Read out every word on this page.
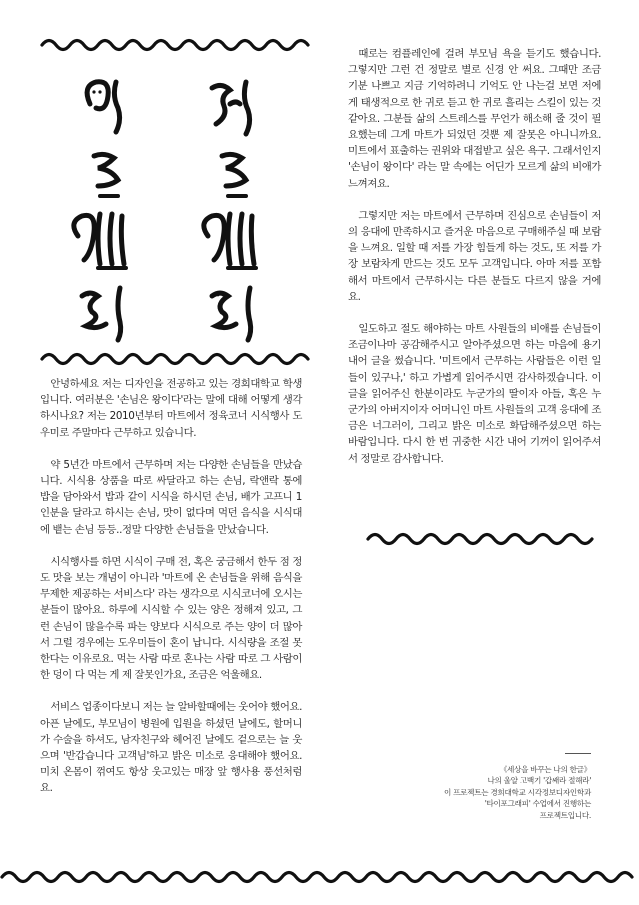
안녕하세요 저는 디자인을 전공하고 있는 경희대학교 학생입니다. 여러분은 '손님은 왕이다'라는 말에 대해 어떻게 생각하시나요? 저는 2010년부터 마트에서 정육코너 시식행사 도우미로 주말마다 근무하고 있습니다.

약 5년간 마트에서 근무하며 저는 다양한 손님들을 만났습니다. 시식용 상품을 따로 싸달라고 하는 손님, 락앤락 통에 밥을 담아와서 밥과 같이 시식을 하시던 손님, 배가 고프니 1인분을 달라고 하시는 손님, 맛이 없다며 먹던 음식을 시식대에 뱉는 손님 등등..정말 다양한 손님들을 만났습니다.

시식행사를 하면 시식이 구매 전, 혹은 궁금해서 한두 점 정도 맛을 보는 개념이 아니라 '마트에 온 손님들을 위해 음식을 무제한 제공하는 서비스다' 라는 생각으로 시식코너에 오시는 분들이 많아요. 하루에 시식할 수 있는 양은 정해져 있고, 그런 손님이 많을수록 파는 양보다 시식으로 주는 양이 더 많아서 그럴 경우에는 도우미들이 혼이 납니다. 시식량을 조절 못한다는 이유로요. 먹는 사람 따로 혼나는 사람 따로 그 사람이 한 덩이 다 먹는 게 제 잘못인가요, 조금은 억울해요.

서비스 업종이다보니 저는 늘 알바할때에는 웃어야 했어요. 아픈 날에도, 부모님이 병원에 입원을 하셨던 날에도, 할머니가 수술을 하셔도, 남자친구와 헤어진 날에도 겉으로는 늘 웃으며 '반갑습니다 고객님'하고 밝은 미소로 응대해야 했어요. 미치 온몸이 꺾여도 항상 웃고있는 매장 앞 행사용 풍선처럼요.

때로는 컴플레인에 걸려 부모님 욕을 듣기도 했습니다. 그렇지만 그런 건 정말로 별로 신경 안 써요. 그때만 조금 기분 나쁘고 지금 기억하려니 기억도 안 나는걸 보면 저에게 태생적으로 한 귀로 듣고 한 귀로 흘리는 스킬이 있는 것 같아요. 그분들 삶의 스트레스를 무언가 해소해 줄 것이 필요했는데 그게 마트가 되었던 것뿐 제 잘못은 아니니까요. 미트에서 표출하는 권위와 대접받고 싶은 욕구. 그래서인지 '손님이 왕이다' 라는 말 속에는 어딘가 모르게 삶의 비애가 느껴져요.

그렇지만 저는 마트에서 근무하며 진심으로 손님들이 저의 응대에 만족하시고 즐거운 마음으로 구매해주실 때 보람을 느껴요. 일할 때 저를 가장 힘들게 하는 것도, 또 저를 가장 보람차게 만드는 것도 모두 고객입니다. 아마 저를 포함해서 마트에서 근무하시는 다른 분들도 다르지 않을 거에요.

일도하고 절도 해야하는 마트 사원들의 비애를 손님들이 조금이나마 공감해주시고 알아주셨으면 하는 마음에 용기내어 글을 썼습니다. '미트에서 근무하는 사람들은 이런 일들이 있구나,' 하고 가볍게 읽어주시면 감사하겠습니다. 이 글을 읽어주신 한분이라도 누군가의 딸이자 아들, 혹은 누군가의 아버지이자 어머니인 마트 사원들의 고객 응대에 조금은 너그러이, 그리고 밝은 미소로 화답해주셨으면 하는 바람입니다. 다시 한 번 귀중한 시간 내어 기꺼이 읽어주셔서 정말로 감사합니다.

《세상을 바꾸는 나의 한글》
나의 울알 고백기 '갑쌔라 절해라'
이 프로젝트는 경희대학교 시각정보디자인학과
'타이포그래피' 수업에서 진행하는
프로젝트입니다.
